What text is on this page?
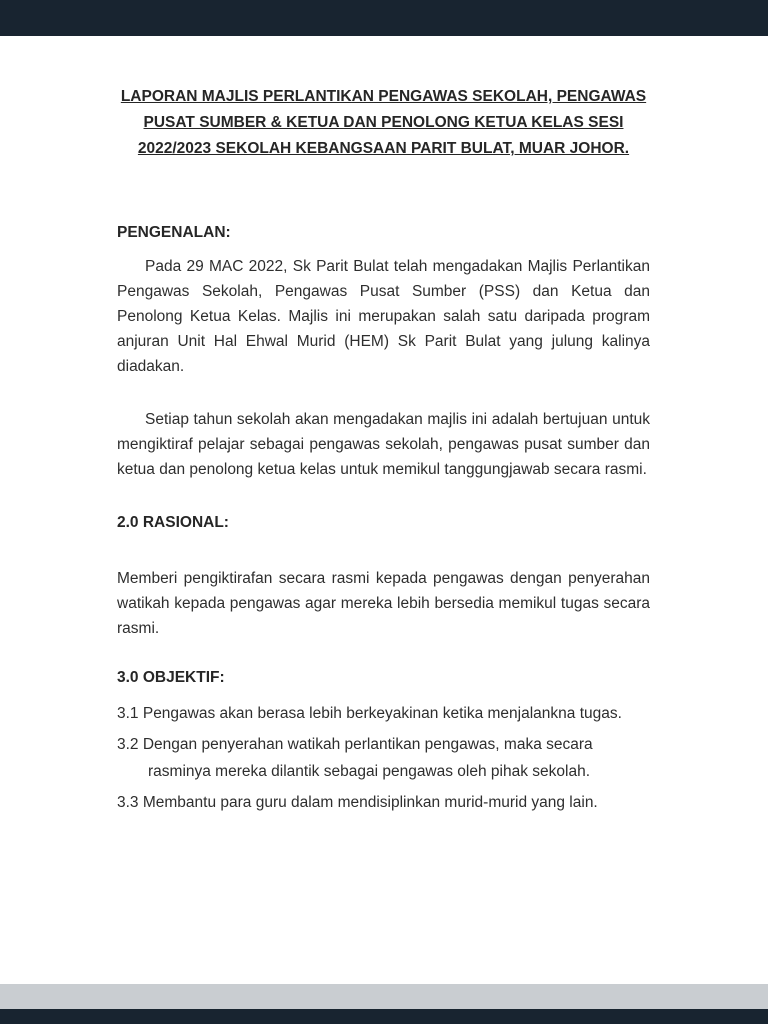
LAPORAN MAJLIS PERLANTIKAN PENGAWAS SEKOLAH, PENGAWAS
PUSAT SUMBER & KETUA DAN PENOLONG KETUA KELAS SESI
2022/2023 SEKOLAH KEBANGSAAN PARIT BULAT, MUAR JOHOR.
PENGENALAN:

Pada 29 MAC 2022, Sk Parit Bulat telah mengadakan Majlis Perlantikan Pengawas Sekolah, Pengawas Pusat Sumber (PSS) dan Ketua dan Penolong Ketua Kelas. Majlis ini merupakan salah satu daripada program anjuran Unit Hal Ehwal Murid (HEM) Sk Parit Bulat yang julung kalinya diadakan.

Setiap tahun sekolah akan mengadakan majlis ini adalah bertujuan untuk mengiktiraf pelajar sebagai pengawas sekolah, pengawas pusat sumber dan ketua dan penolong ketua kelas untuk memikul tanggungjawab secara rasmi.

2.0 RASIONAL:

Memberi pengiktirafan secara rasmi kepada pengawas dengan penyerahan watikah kepada pengawas agar mereka lebih bersedia memikul tugas secara rasmi.

3.0 OBJEKTIF:

3.1 Pengawas akan berasa lebih berkeyakinan ketika menjalankna tugas.

3.2 Dengan penyerahan watikah perlantikan pengawas, maka secara

rasminya mereka dilantik sebagai pengawas oleh pihak sekolah.

3.3 Membantu para guru dalam mendisiplinkan murid-murid yang lain.
